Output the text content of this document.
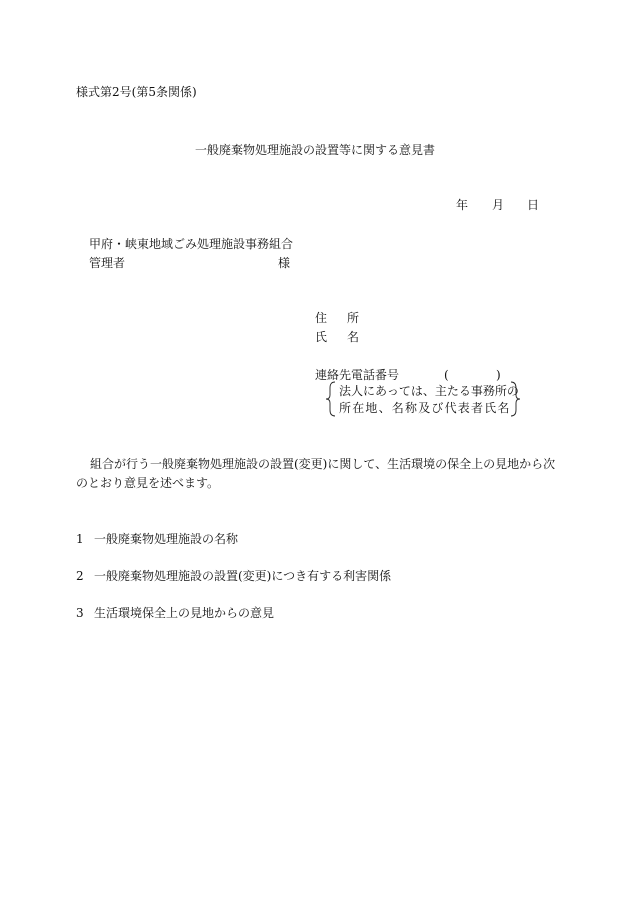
様式第2号(第5条関係)
一般廃棄物処理施設の設置等に関する意見書
年 月 日
甲府・峡東地域ごみ処理施設事務組合
管理者	様
住 所
氏 名
連絡先電話番号	(	)
法人にあっては、主たる事務所の
所在地、名称及び代表者氏名
組合が行う一般廃棄物処理施設の設置(変更)に関して、生活環境の保全上の見地から次
のとおり意見を述べます。
1 一般廃棄物処理施設の名称
2 一般廃棄物処理施設の設置(変更)につき有する利害関係
3 生活環境保全上の見地からの意見
